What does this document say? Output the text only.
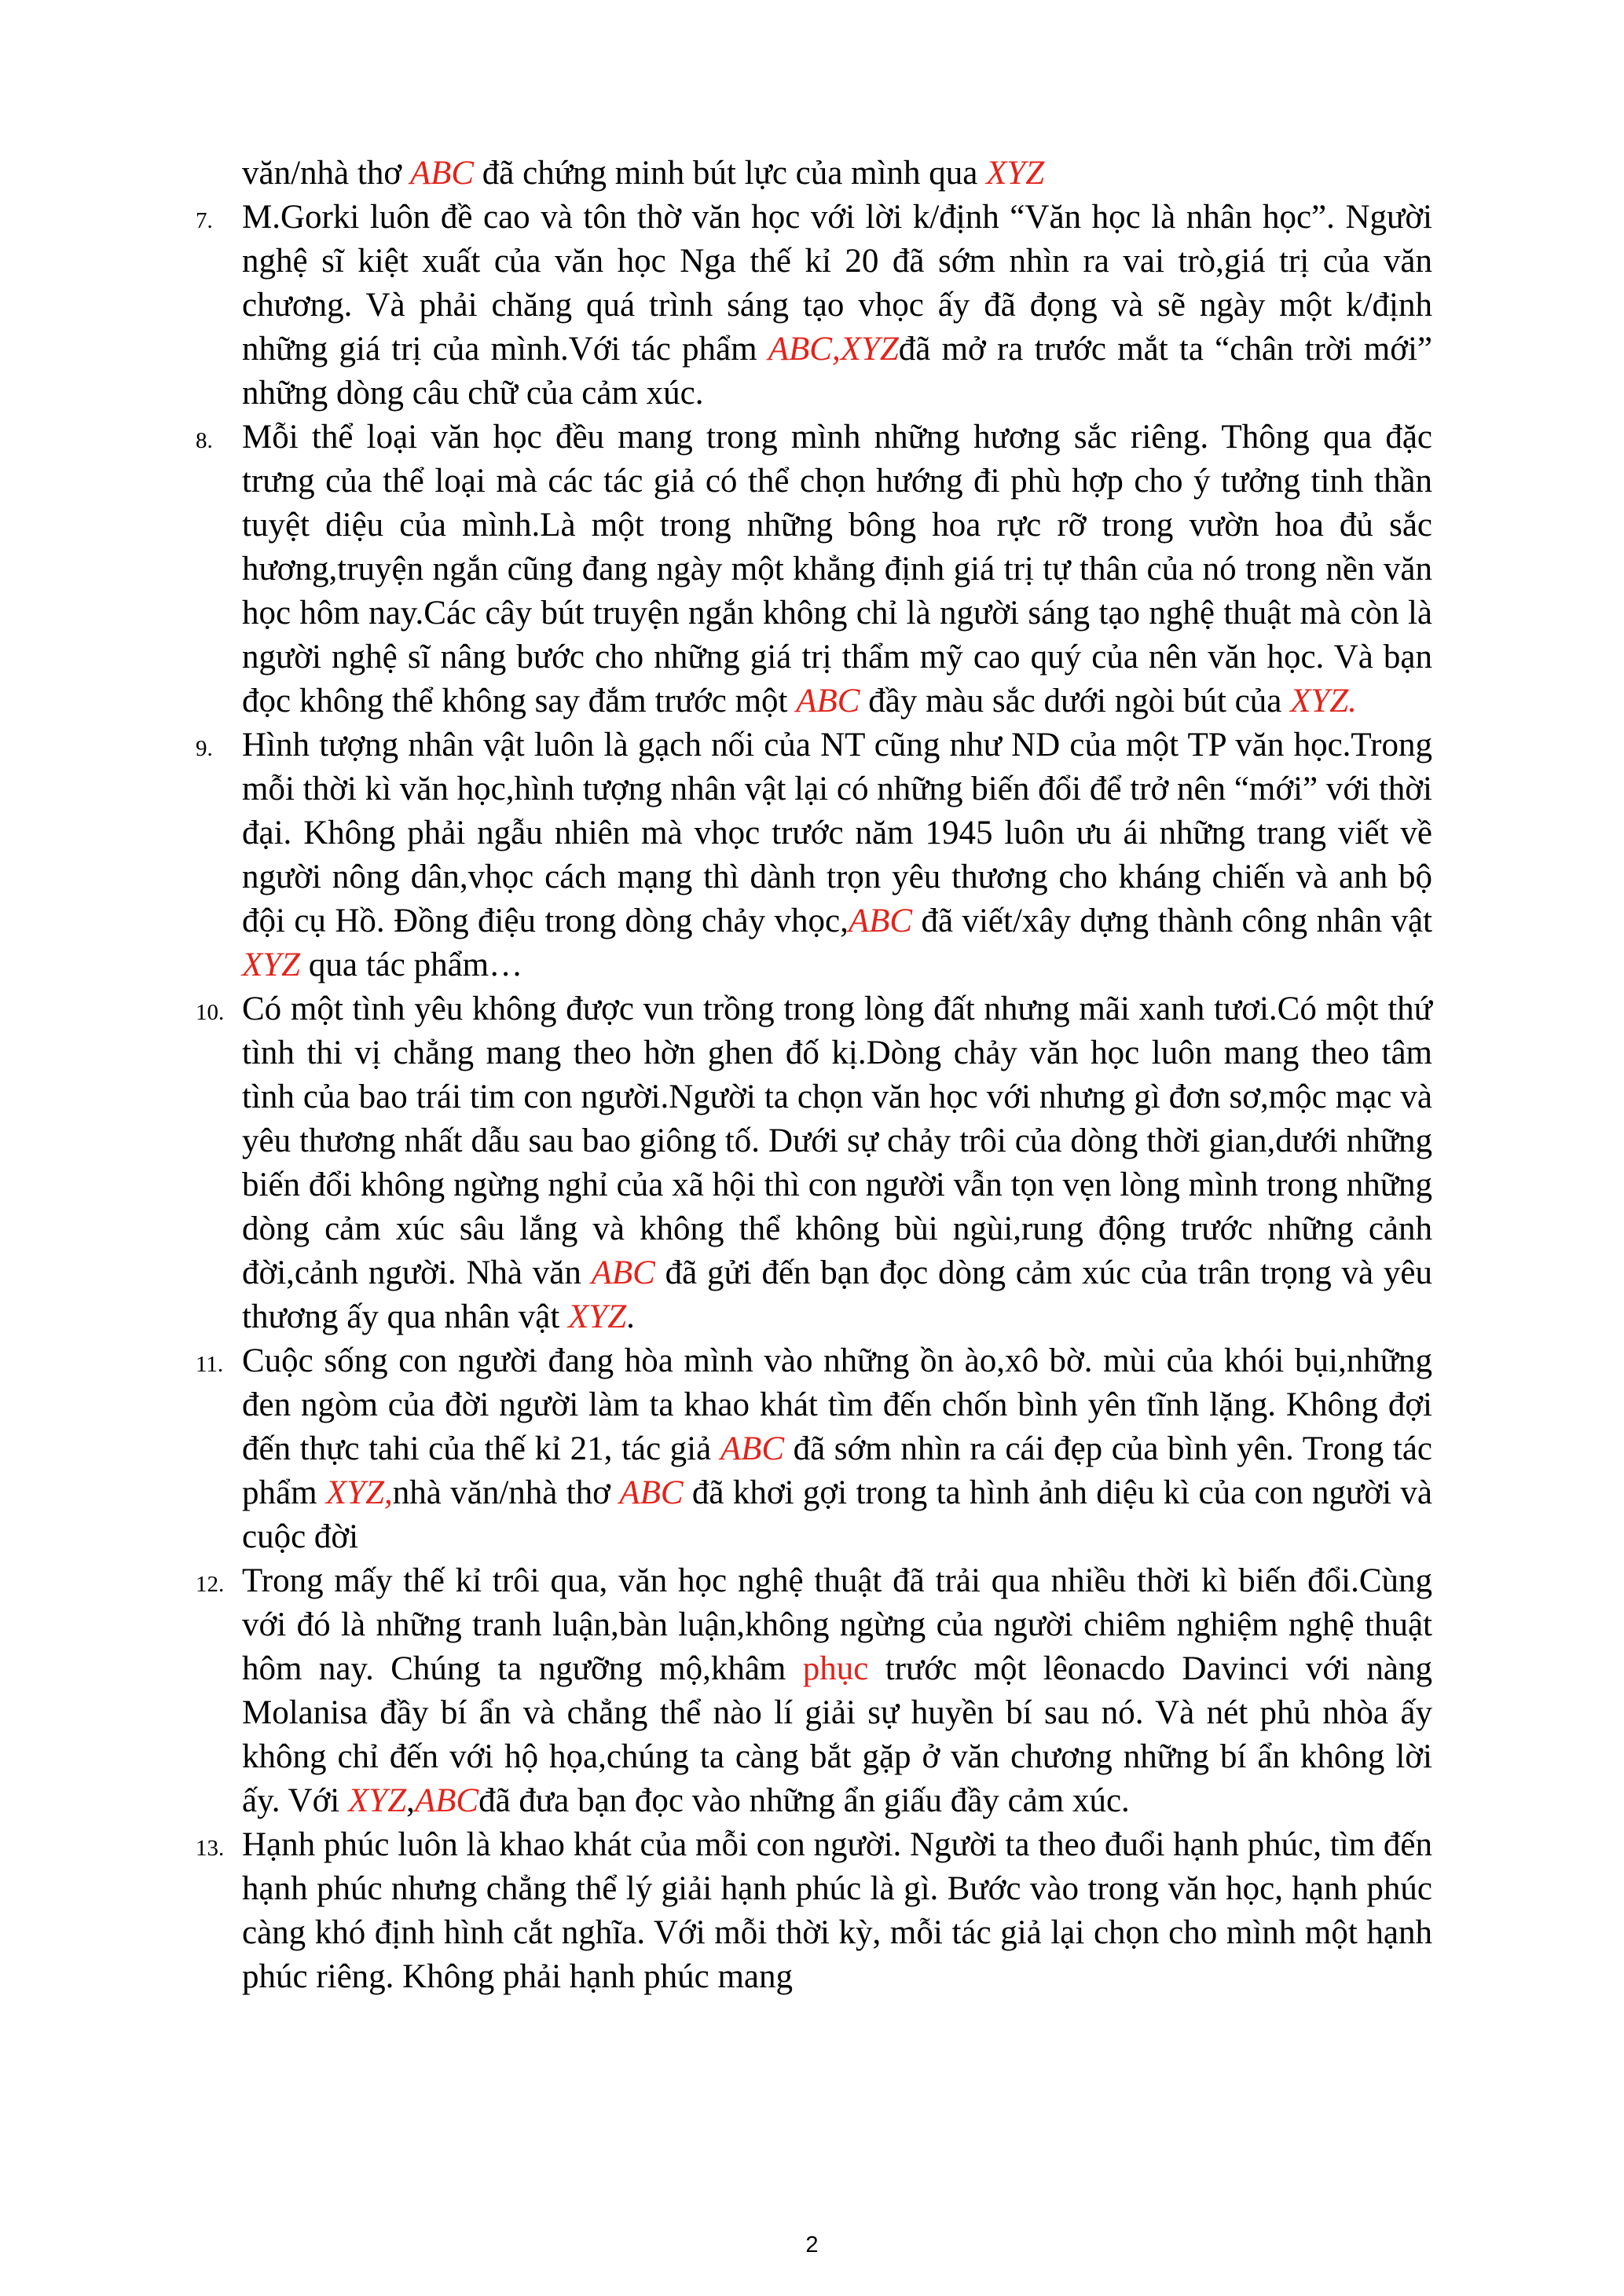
văn/nhà thơ ABC đã chứng minh bút lực của mình qua XYZ

7. M.Gorki luôn đề cao và tôn thờ văn học với lời k/định “Văn học là nhân học”. Người nghệ sĩ kiệt xuất của văn học Nga thế kỉ 20 đã sớm nhìn ra vai trò,giá trị của văn chương. Và phải chăng quá trình sáng tạo vhọc ấy đã đọng và sẽ ngày một k/định những giá trị của mình.Với tác phẩm ABC,XYZđã mở ra trước mắt ta “chân trời mới” những dòng câu chữ của cảm xúc.

8. Mỗi thể loại văn học đều mang trong mình những hương sắc riêng. Thông qua đặc trưng của thể loại mà các tác giả có thể chọn hướng đi phù hợp cho ý tưởng tinh thần tuyệt diệu của mình.Là một trong những bông hoa rực rỡ trong vườn hoa đủ sắc hương,truyện ngắn cũng đang ngày một khẳng định giá trị tự thân của nó trong nền văn học hôm nay.Các cây bút truyện ngắn không chỉ là người sáng tạo nghệ thuật mà còn là người nghệ sĩ nâng bước cho những giá trị thẩm mỹ cao quý của nên văn học. Và bạn đọc không thể không say đắm trước một ABC đầy màu sắc dưới ngòi bút của XYZ.

9. Hình tượng nhân vật luôn là gạch nối của NT cũng như ND của một TP văn học.Trong mỗi thời kì văn học,hình tượng nhân vật lại có những biến đổi để trở nên “mới” với thời đại. Không phải ngẫu nhiên mà vhọc trước năm 1945 luôn ưu ái những trang viết về người nông dân,vhọc cách mạng thì dành trọn yêu thương cho kháng chiến và anh bộ đội cụ Hồ. Đồng điệu trong dòng chảy vhọc,ABC đã viết/xây dựng thành công nhân vật XYZ qua tác phẩm…

10. Có một tình yêu không được vun trồng trong lòng đất nhưng mãi xanh tươi.Có một thứ tình thi vị chẳng mang theo hờn ghen đố kị.Dòng chảy văn học luôn mang theo tâm tình của bao trái tim con người.Người ta chọn văn học với nhưng gì đơn sơ,mộc mạc và yêu thương nhất dẫu sau bao giông tố. Dưới sự chảy trôi của dòng thời gian,dưới những biến đổi không ngừng nghỉ của xã hội thì con người vẫn tọn vẹn lòng mình trong những dòng cảm xúc sâu lắng và không thể không bùi ngùi,rung động trước những cảnh đời,cảnh người. Nhà văn ABC đã gửi đến bạn đọc dòng cảm xúc của trân trọng và yêu thương ấy qua nhân vật XYZ.

11. Cuộc sống con người đang hòa mình vào những ồn ào,xô bờ. mùi của khói bụi,những đen ngòm của đời người làm ta khao khát tìm đến chốn bình yên tĩnh lặng. Không đợi đến thực tahi của thế kỉ 21, tác giả ABC đã sớm nhìn ra cái đẹp của bình yên. Trong tác phẩm XYZ,nhà văn/nhà thơ ABC đã khơi gợi trong ta hình ảnh diệu kì của con người và cuộc đời

12. Trong mấy thế kỉ trôi qua, văn học nghệ thuật đã trải qua nhiều thời kì biến đổi.Cùng với đó là những tranh luận,bàn luận,không ngừng của người chiêm nghiệm nghệ thuật hôm nay. Chúng ta ngưỡng mộ,khâm phục trước một lêonacdo Davinci với nàng Molanisa đầy bí ẩn và chẳng thể nào lí giải sự huyền bí sau nó. Và nét phủ nhòa ấy không chỉ đến với hộ họa,chúng ta càng bắt gặp ở văn chương những bí ẩn không lời ấy. Với XYZ,ABCđã đưa bạn đọc vào những ẩn giấu đầy cảm xúc.

13. Hạnh phúc luôn là khao khát của mỗi con người. Người ta theo đuổi hạnh phúc, tìm đến hạnh phúc nhưng chẳng thể lý giải hạnh phúc là gì. Bước vào trong văn học, hạnh phúc càng khó định hình cắt nghĩa. Với mỗi thời kỳ, mỗi tác giả lại chọn cho mình một hạnh phúc riêng. Không phải hạnh phúc mang

2
